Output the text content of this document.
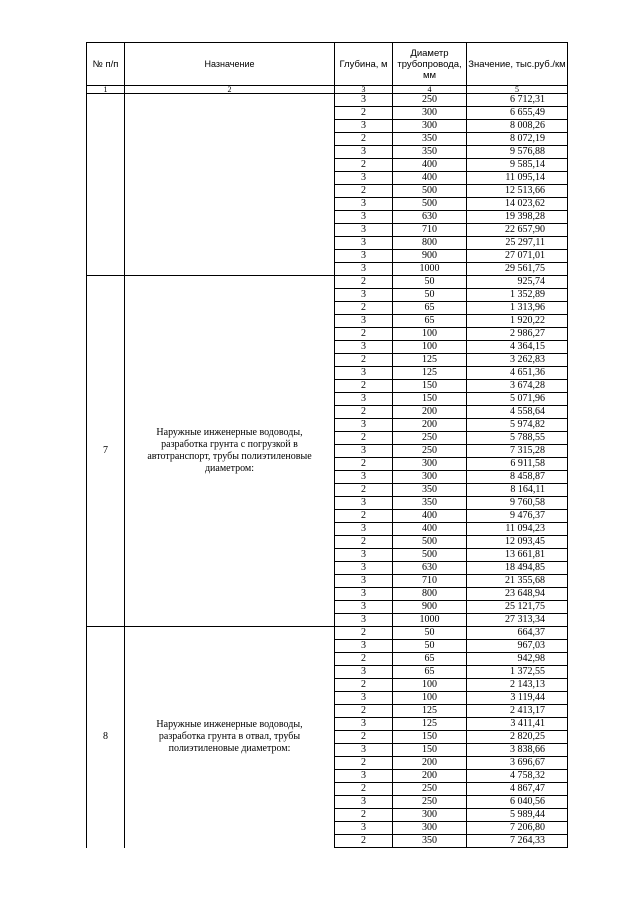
№ п/п	Назначение	Глубина, м	Диаметр трубопровода, мм	Значение, тыс.руб./км
1	2	3	4	5
		3	250	6 712,31
		2	300	6 655,49
		3	300	8 008,26
		2	350	8 072,19
		3	350	9 576,88
		2	400	9 585,14
		3	400	11 095,14
		2	500	12 513,66
		3	500	14 023,62
		3	630	19 398,28
		3	710	22 657,90
		3	800	25 297,11
		3	900	27 071,01
		3	1000	29 561,75
7	Наружные инженерные водоводы, разработка грунта с погрузкой в автотранспорт, трубы полиэтиленовые диаметром:	2	50	925,74
		3	50	1 352,89
		2	65	1 313,96
		3	65	1 920,22
		2	100	2 986,27
		3	100	4 364,15
		2	125	3 262,83
		3	125	4 651,36
		2	150	3 674,28
		3	150	5 071,96
		2	200	4 558,64
		3	200	5 974,82
		2	250	5 788,55
		3	250	7 315,28
		2	300	6 911,58
		3	300	8 458,87
		2	350	8 164,11
		3	350	9 760,58
		2	400	9 476,37
		3	400	11 094,23
		2	500	12 093,45
		3	500	13 661,81
		3	630	18 494,85
		3	710	21 355,68
		3	800	23 648,94
		3	900	25 121,75
		3	1000	27 313,34
8	Наружные инженерные водоводы, разработка грунта в отвал, трубы полиэтиленовые диаметром:	2	50	664,37
		3	50	967,03
		2	65	942,98
		3	65	1 372,55
		2	100	2 143,13
		3	100	3 119,44
		2	125	2 413,17
		3	125	3 411,41
		2	150	2 820,25
		3	150	3 838,66
		2	200	3 696,67
		3	200	4 758,32
		2	250	4 867,47
		3	250	6 040,56
		2	300	5 989,44
		3	300	7 206,80
		2	350	7 264,33
